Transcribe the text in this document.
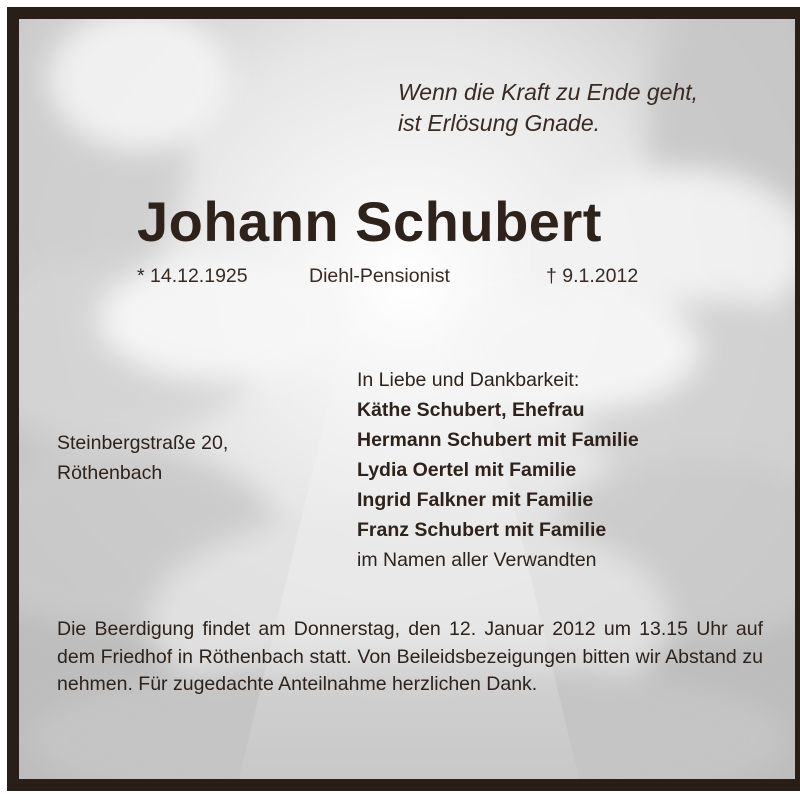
Wenn die Kraft zu Ende geht,
ist Erlösung Gnade.
Johann Schubert
* 14.12.1925	Diehl-Pensionist	† 9.1.2012
In Liebe und Dankbarkeit:
Käthe Schubert, Ehefrau
Hermann Schubert mit Familie
Lydia Oertel mit Familie
Ingrid Falkner mit Familie
Franz Schubert mit Familie
im Namen aller Verwandten
Steinbergstraße 20,
Röthenbach
Die Beerdigung findet am Donnerstag, den 12. Januar 2012 um 13.15 Uhr auf dem Friedhof in Röthenbach statt. Von Beileidsbezeigungen bitten wir Abstand zu nehmen. Für zugedachte Anteilnahme herzlichen Dank.
